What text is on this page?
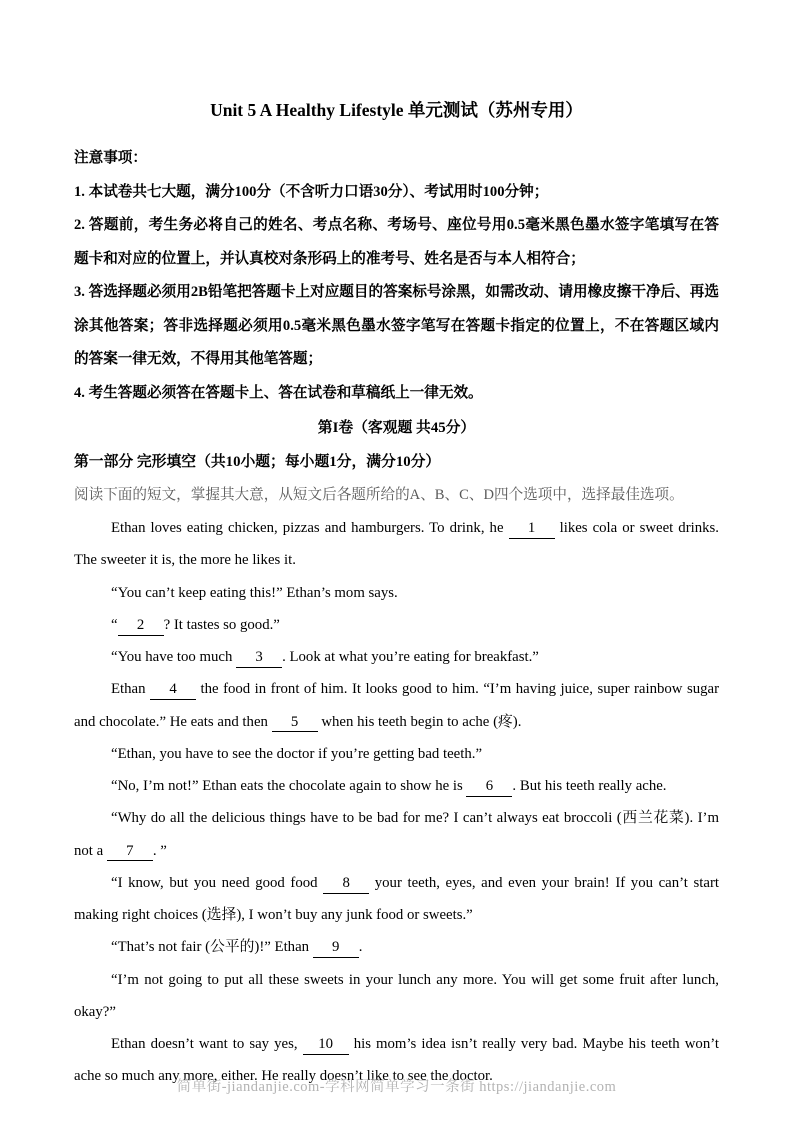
Unit 5 A Healthy Lifestyle 单元测试（苏州专用）

注意事项：

1. 本试卷共七大题，满分100分（不含听力口语30分）、考试用时100分钟；

2. 答题前，考生务必将自己的姓名、考点名称、考场号、座位号用0.5毫米黑色墨水签字笔填写在答题卡和对应的位置上，并认真校对条形码上的准考号、姓名是否与本人相符合；

3. 答选择题必须用2B铅笔把答题卡上对应题目的答案标号涂黑，如需改动、请用橡皮擦干净后、再选涂其他答案；答非选择题必须用0.5毫米黑色墨水签字笔写在答题卡指定的位置上，不在答题区域内的答案一律无效，不得用其他笔答题；

4. 考生答题必须答在答题卡上、答在试卷和草稿纸上一律无效。

第I卷（客观题 共45分）

第一部分 完形填空（共10小题；每小题1分，满分10分）

阅读下面的短文，掌握其大意，从短文后各题所给的A、B、C、D四个选项中，选择最佳选项。

Ethan loves eating chicken, pizzas and hamburgers. To drink, he 1 likes cola or sweet drinks. The sweeter it is, the more he likes it.

“You can’t keep eating this!” Ethan’s mom says.

“ 2 ? It tastes so good.”

“You have too much 3 . Look at what you’re eating for breakfast.”

Ethan 4 the food in front of him. It looks good to him. “I’m having juice, super rainbow sugar and chocolate.” He eats and then 5 when his teeth begin to ache (疼).

“Ethan, you have to see the doctor if you’re getting bad teeth.”

“No, I’m not!” Ethan eats the chocolate again to show he is 6 . But his teeth really ache.

“Why do all the delicious things have to be bad for me? I can’t always eat broccoli (西兰花菜). I’m not a 7 . ”

“I know, but you need good food 8 your teeth, eyes, and even your brain! If you can’t start making right choices (选择), I won’t buy any junk food or sweets.”

“That’s not fair (公平的)!” Ethan 9 .

“I’m not going to put all these sweets in your lunch any more. You will get some fruit after lunch, okay?”

Ethan doesn’t want to say yes, 10 his mom’s idea isn’t really very bad. Maybe his teeth won’t ache so much any more, either. He really doesn’t like to see the doctor.

简单街-jiandanjie.com-学科网简单学习一条街 https://jiandanjie.com
